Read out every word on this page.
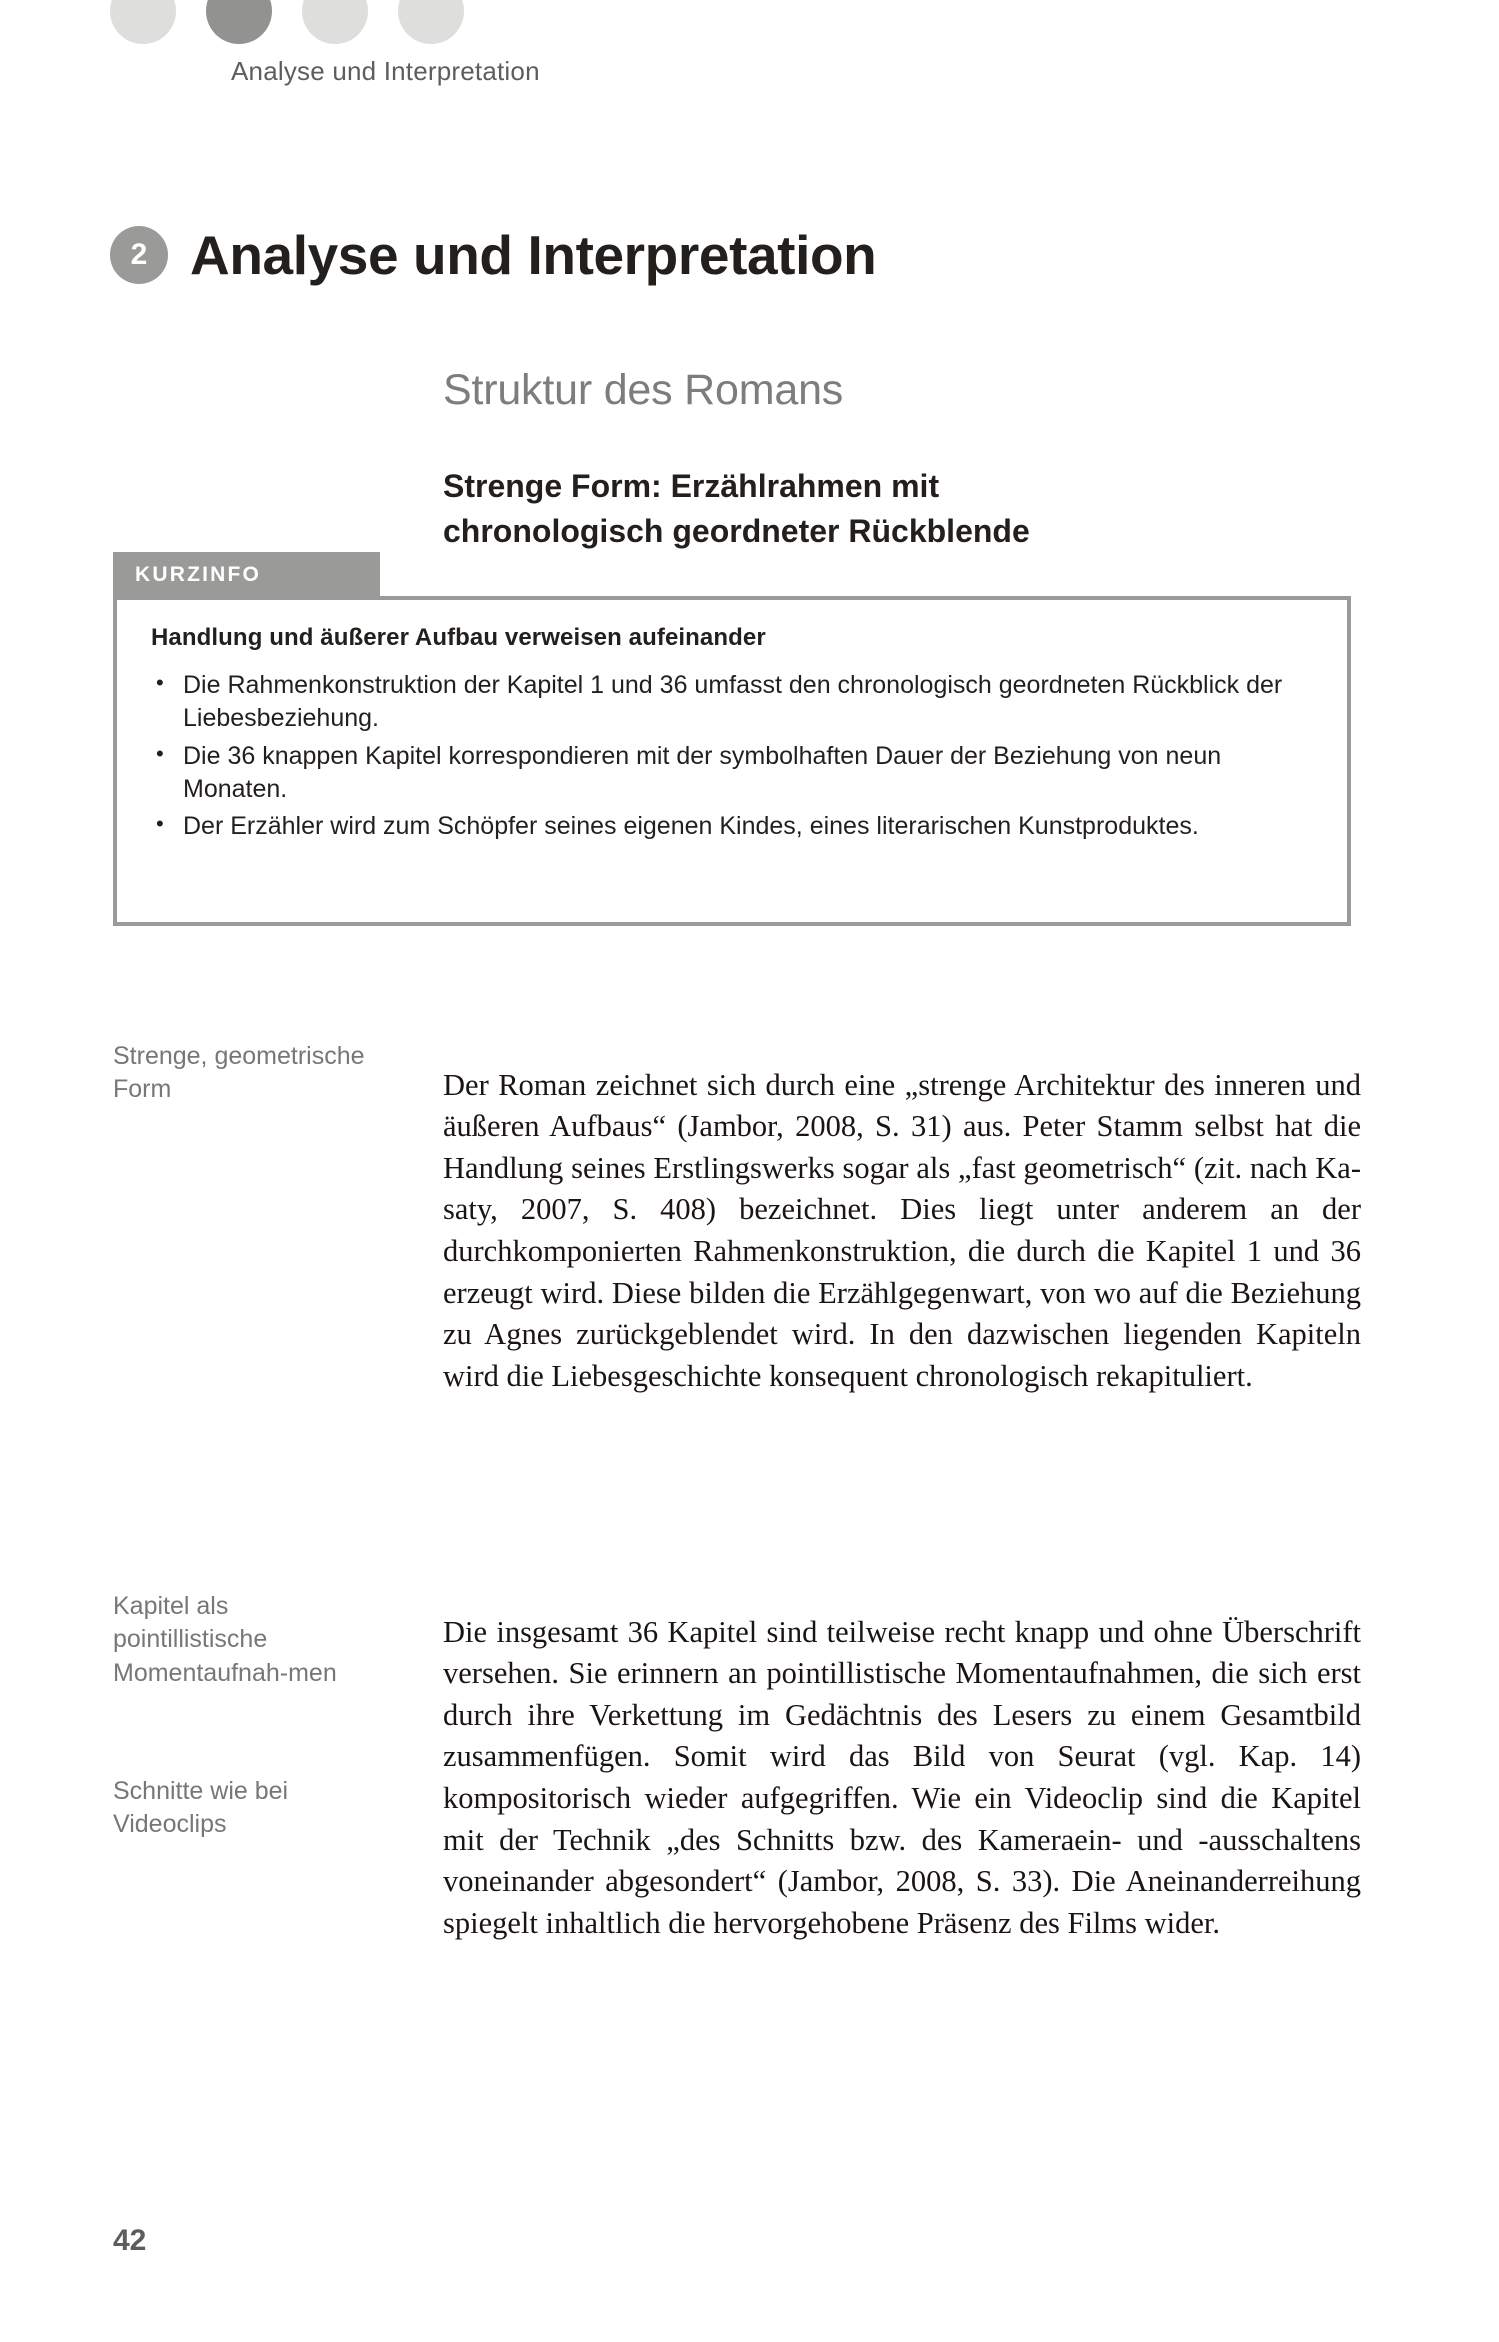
Analyse und Interpretation
2 Analyse und Interpretation
Struktur des Romans
Strenge Form: Erzählrahmen mit chronologisch geordneter Rückblende
KURZINFO
Handlung und äußerer Aufbau verweisen aufeinander
• Die Rahmenkonstruktion der Kapitel 1 und 36 umfasst den chronologisch geordneten Rückblick der Liebesbeziehung.
• Die 36 knappen Kapitel korrespondieren mit der symbolhaften Dauer der Beziehung von neun Monaten.
• Der Erzähler wird zum Schöpfer seines eigenen Kindes, eines literarischen Kunstproduktes.
Strenge, geometrische Form	Der Roman zeichnet sich durch eine „strenge Architektur des inneren und äußeren Aufbaus“ (Jambor, 2008, S. 31) aus. Peter Stamm selbst hat die Handlung seines Erstlingswerks sogar als „fast geometrisch“ (zit. nach Kasaty, 2007, S. 408) bezeichnet. Dies liegt unter anderem an der durchkomponierten Rahmenkonstruktion, die durch die Kapitel 1 und 36 erzeugt wird. Diese bilden die Erzählgegenwart, von wo auf die Beziehung zu Agnes zurückgeblendet wird. In den dazwischen liegenden Kapiteln wird die Liebesgeschichte konsequent chronologisch rekapituliert.

Kapitel als pointillistische Momentaufnah-men
Schnitte wie bei Videoclips

Die insgesamt 36 Kapitel sind teilweise recht knapp und ohne Überschrift versehen. Sie erinnern an pointillistische Momentaufnahmen, die sich erst durch ihre Verkettung im Gedächtnis des Lesers zu einem Gesamtbild zusammenfügen. Somit wird das Bild von Seurat (vgl. Kap. 14) kompositorisch wieder aufgegriffen. Wie ein Videoclip sind die Kapitel mit der Technik „des Schnitts bzw. des Kameraein- und -ausschaltens voneinander abgesondert“ (Jambor, 2008, S. 33). Die Aneinanderreihung spiegelt inhaltlich die hervorgehobene Präsenz des Films wider.

42
